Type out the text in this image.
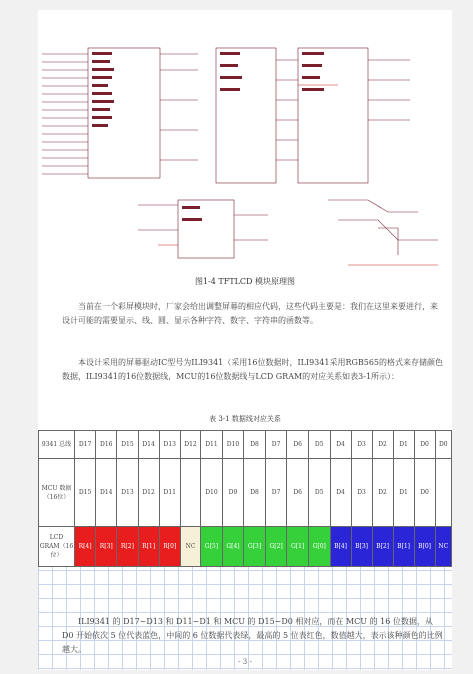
图1-4 TFTLCD 模块原理图

当前在一个彩屏模块时，厂家会给出调整屏幕的相应代码，这些代码主要是：我们在这里来要进行，来设计可能的需要显示、线、圆、显示各种字符、数字、字符串的函数等。

本设计采用的屏幕驱动IC型号为ILI9341（采用16位数据时，ILI9341采用RGB565的格式来存储颜色数据，ILI9341的16位数据线，MCU的16位数据线与LCD GRAM的对应关系如表3-1所示）：

表 3-1 数据线对应关系
9341 总线	D17	D16	D15	D14	D13	D12	D11	D10	D8	D7	D6	D5	D4	D3	D2	D1	D0	D0
MCU 数据（16位）	D15	D14	D13	D12	D11		D10	D9	D8	D7	D6	D5	D4	D3	D2	D1	D0	
LCD GRAM（16位）	R[4]	R[3]	R[2]	R[1]	R[0]	NC	G[5]	G[4]	G[3]	G[2]	G[1]	G[0]	B[4]	B[3]	B[2]	B[1]	B[0]	NC

ILI9341 的 D17~D13 和 D11~D1 和 MCU 的 D15~D0 相对应，而在 MCU 的 16 位数据，从 D0 开始依次 5 位代表蓝色，中间的 6 位数据代表绿，最高的 5 位表红色，数值越大，表示该种颜色的比例越大。

- 3 -
